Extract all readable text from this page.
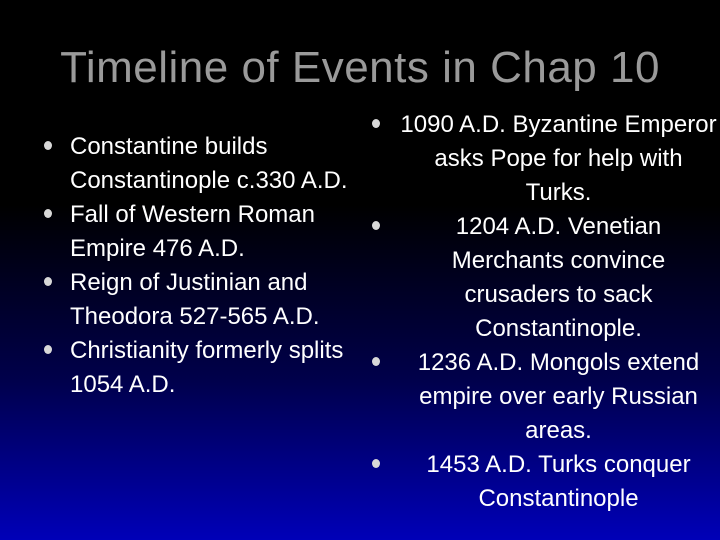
Timeline of Events in Chap 10
Constantine builds Constantinople c.330 A.D.
Fall of Western Roman Empire 476 A.D.
Reign of Justinian and Theodora 527-565 A.D.
Christianity formerly splits 1054 A.D.
1090 A.D. Byzantine Emperor asks Pope for help with Turks.
1204 A.D. Venetian Merchants convince crusaders to sack Constantinople.
1236 A.D. Mongols extend empire over early Russian areas.
1453 A.D. Turks conquer Constantinople
